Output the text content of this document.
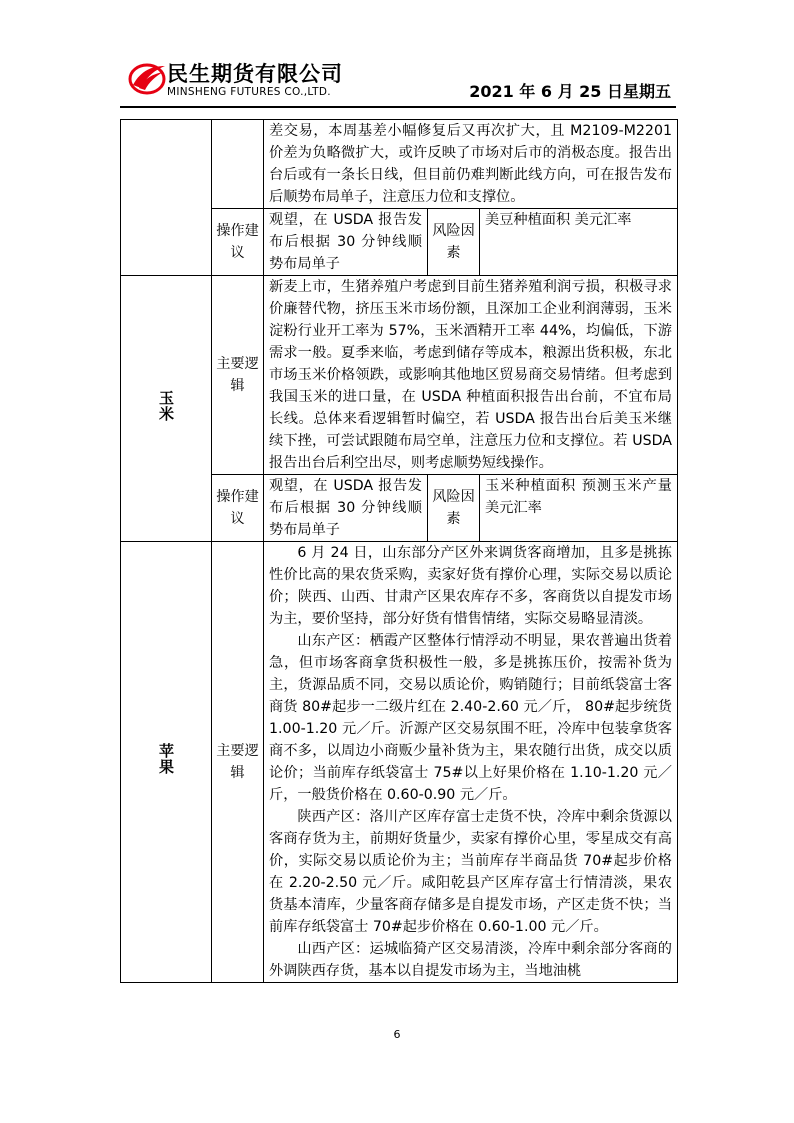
民生期货有限公司
MINSHENG FUTURES CO.,LTD.	2021 年 6 月 25 日星期五
		差交易，本周基差小幅修复后又再次扩大，且 M2109-M2201 价差为负略微扩大，或许反映了市场对后市的消极态度。报告出台后或有一条长日线，但目前仍难判断此线方向，可在报告发布后顺势布局单子，注意压力位和支撑位。		
	操作建议	观望，在 USDA 报告发布后根据 30 分钟线顺势布局单子	风险因素	美豆种植面积 美元汇率
玉米	主要逻辑	新麦上市，生猪养殖户考虑到目前生猪养殖利润亏损，积极寻求价廉替代物，挤压玉米市场份额，且深加工企业利润薄弱，玉米淀粉行业开工率为 57%，玉米酒精开工率 44%，均偏低，下游需求一般。夏季来临，考虑到储存等成本，粮源出货积极，东北市场玉米价格领跌，或影响其他地区贸易商交易情绪。但考虑到我国玉米的进口量，在 USDA 种植面积报告出台前，不宜布局长线。总体来看逻辑暂时偏空，若 USDA 报告出台后美玉米继续下挫，可尝试跟随布局空单，注意压力位和支撑位。若 USDA 报告出台后利空出尽，则考虑顺势短线操作。		
	操作建议	观望，在 USDA 报告发布后根据 30 分钟线顺势布局单子	风险因素	玉米种植面积 预测玉米产量 美元汇率
苹果	主要逻辑	6 月 24 日，山东部分产区外来调货客商增加，且多是挑拣性价比高的果农货采购，卖家好货有撑价心理，实际交易以质论价；陕西、山西、甘肃产区果农库存不多，客商货以自提发市场为主，要价坚持，部分好货有惜售情绪，实际交易略显清淡。

山东产区：栖霞产区整体行情浮动不明显，果农普遍出货着急，但市场客商拿货积极性一般，多是挑拣压价，按需补货为主，货源品质不同，交易以质论价，购销随行；目前纸袋富士客商货 80#起步一二级片红在 2.40-2.60 元／斤， 80#起步统货 1.00-1.20 元／斤。沂源产区交易氛围不旺，冷库中包装拿货客商不多，以周边小商贩少量补货为主，果农随行出货，成交以质论价；当前库存纸袋富士 75#以上好果价格在 1.10-1.20 元／斤，一般货价格在 0.60-0.90 元／斤。

陕西产区：洛川产区库存富士走货不快，冷库中剩余货源以客商存货为主，前期好货量少，卖家有撑价心里，零星成交有高价，实际交易以质论价为主；当前库存半商品货 70#起步价格在 2.20-2.50 元／斤。咸阳乾县产区库存富士行情清淡，果农货基本清库，少量客商存储多是自提发市场，产区走货不快；当前库存纸袋富士 70#起步价格在 0.60-1.00 元／斤。

山西产区：运城临猗产区交易清淡，冷库中剩余部分客商的外调陕西存货，基本以自提发市场为主，当地油桃		

6
